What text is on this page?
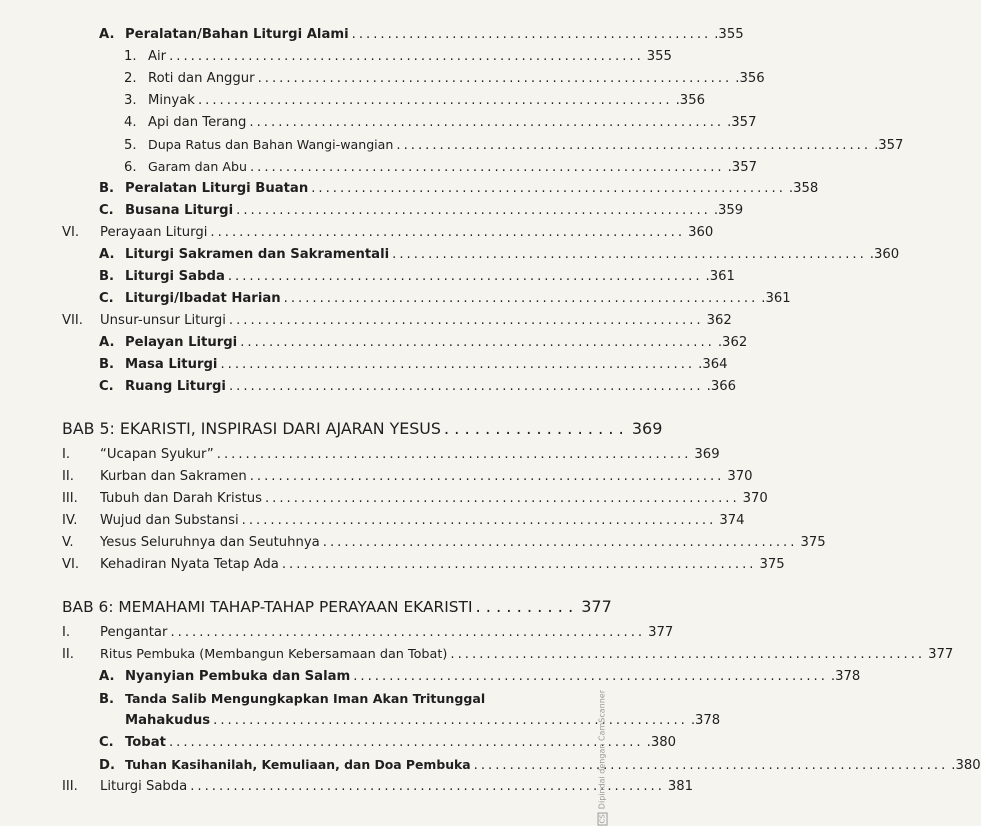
A. Peralatan/Bahan Liturgi Alami .................................................. .355
1. Air .................................................................. 355
2. Roti dan Anggur .................................................................. .356
3. Minyak .................................................................. .356
4. Api dan Terang .................................................................. .357
5. Dupa Ratus dan Bahan Wangi-wangian .................................................................. .357
6. Garam dan Abu .................................................................. .357
B. Peralatan Liturgi Buatan .................................................................. .358
C. Busana Liturgi .................................................................. .359
VI.	Perayaan Liturgi .................................................................. 360
A. Liturgi Sakramen dan Sakramentali .................................................................. .360
B. Liturgi Sabda .................................................................. .361
C. Liturgi/Ibadat Harian .................................................................. .361
VII.	Unsur-unsur Liturgi .................................................................. 362
A. Pelayan Liturgi .................................................................. .362
B. Masa Liturgi .................................................................. .364
C. Ruang Liturgi .................................................................. .366
BAB 5: EKARISTI, INSPIRASI DARI AJARAN YESUS .................. 369
I.	“Ucapan Syukur” .................................................................. 369
II.	Kurban dan Sakramen .................................................................. 370
III.	Tubuh dan Darah Kristus .................................................................. 370
IV.	Wujud dan Substansi .................................................................. 374
V.	Yesus Seluruhnya dan Seutuhnya .................................................................. 375
VI.	Kehadiran Nyata Tetap Ada .................................................................. 375
BAB 6: MEMAHAMI TAHAP-TAHAP PERAYAAN EKARISTI .......... 377
I.	Pengantar .................................................................. 377
II.	Ritus Pembuka (Membangun Kebersamaan dan Tobat) .................................................................. 377
A. Nyanyian Pembuka dan Salam .................................................................. .378
B. Tanda Salib Mengungkapkan Iman Akan Tritunggal
Mahakudus .................................................................. .378
C. Tobat .................................................................. .380
D. Tuhan Kasihanilah, Kemuliaan, dan Doa Pembuka .................................................................. .380
III.	Liturgi Sabda .................................................................. 381
CSDipindai dengan CamScanner
